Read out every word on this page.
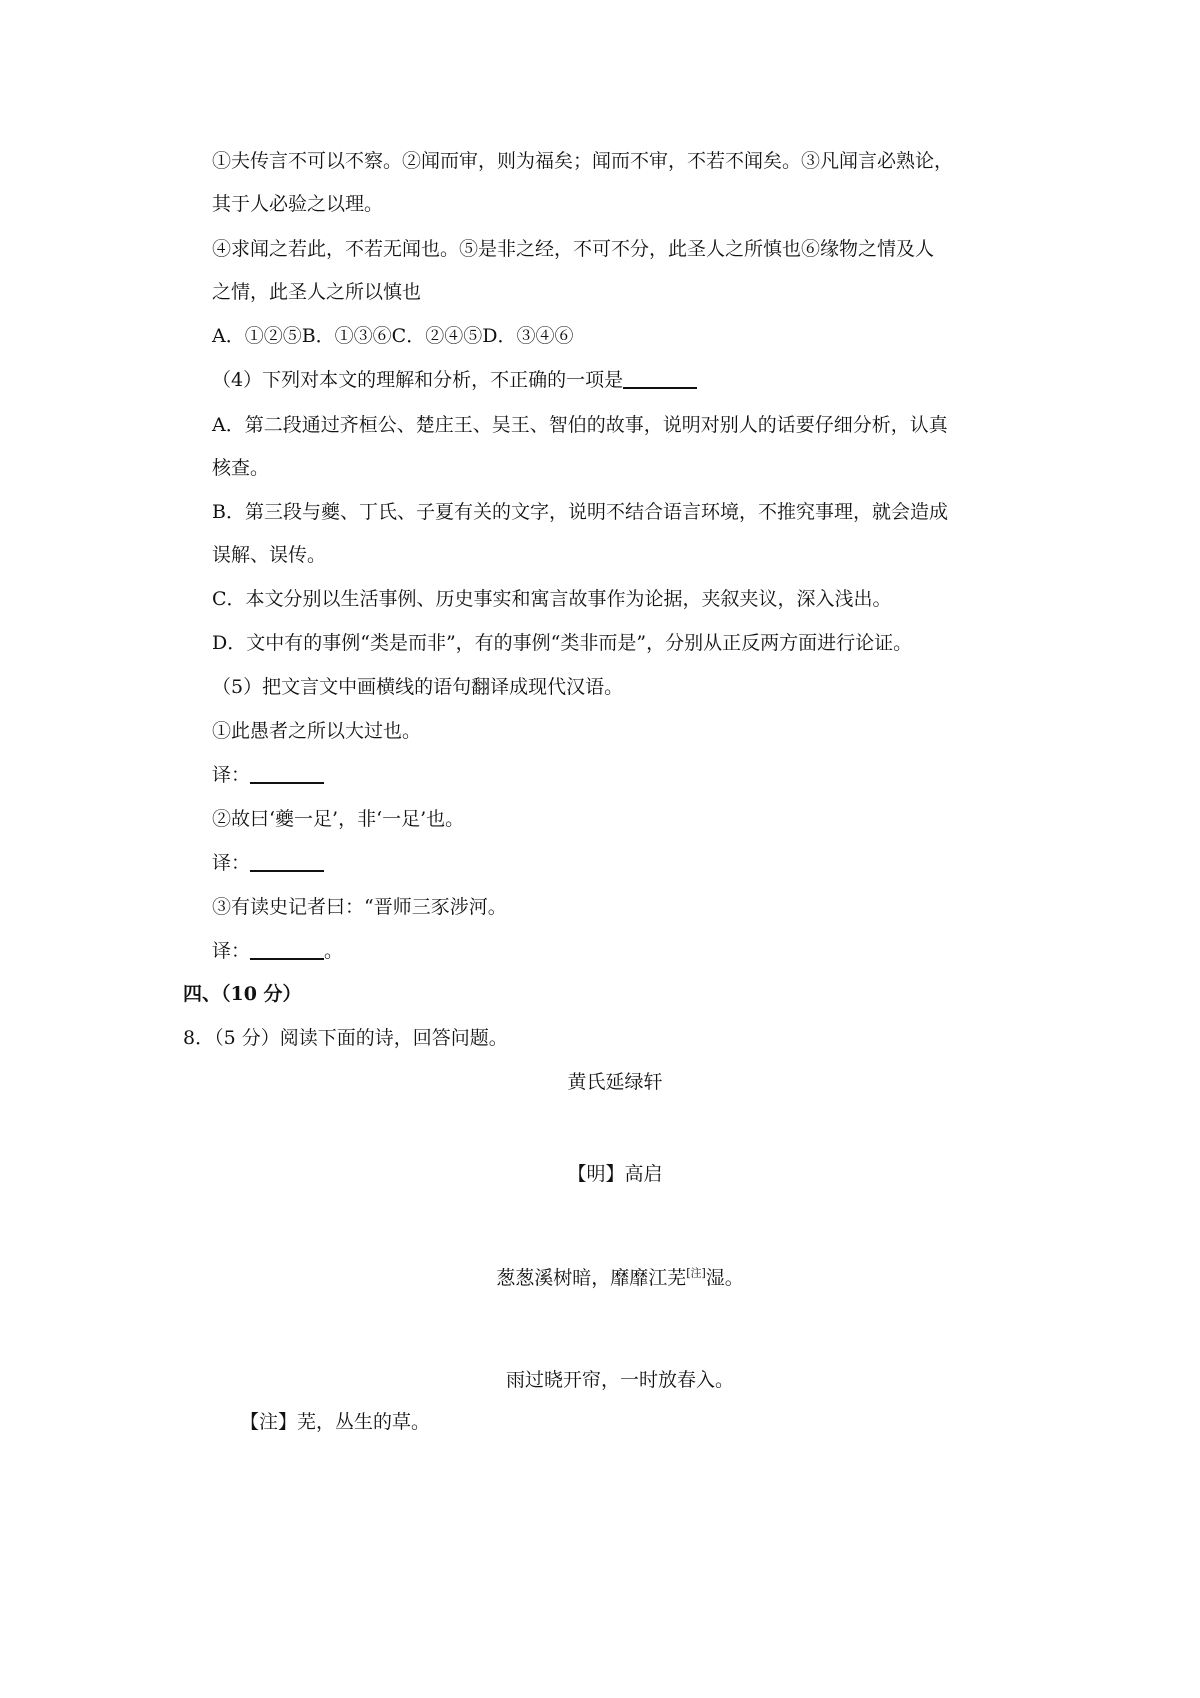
①夫传言不可以不察。②闻而审，则为福矣；闻而不审，不若不闻矣。③凡闻言必熟论，
其于人必验之以理。
④求闻之若此，不若无闻也。⑤是非之经，不可不分，此圣人之所慎也⑥缘物之情及人
之情，此圣人之所以慎也
A．①②⑤B．①③⑥C．②④⑤D．③④⑥
（4）下列对本文的理解和分析，不正确的一项是
A．第二段通过齐桓公、楚庄王、吴王、智伯的故事，说明对别人的话要仔细分析，认真
核查。
B．第三段与夔、丁氏、子夏有关的文字，说明不结合语言环境，不推究事理，就会造成
误解、误传。
C．本文分别以生活事例、历史事实和寓言故事作为论据，夹叙夹议，深入浅出。
D．文中有的事例“类是而非”，有的事例“类非而是”，分别从正反两方面进行论证。
（5）把文言文中画横线的语句翻译成现代汉语。
①此愚者之所以大过也。
译：
②故曰‘夔一足’，非‘一足’也。
译：
③有读史记者曰：“晋师三豕涉河。
译：	。
四、（10 分）
8．（5 分）阅读下面的诗，回答问题。
黄氏延绿轩
【明】高启
葱葱溪树暗，靡靡江芜[注]湿。
雨过晓开帘，一时放春入。
【注】芜，丛生的草。
